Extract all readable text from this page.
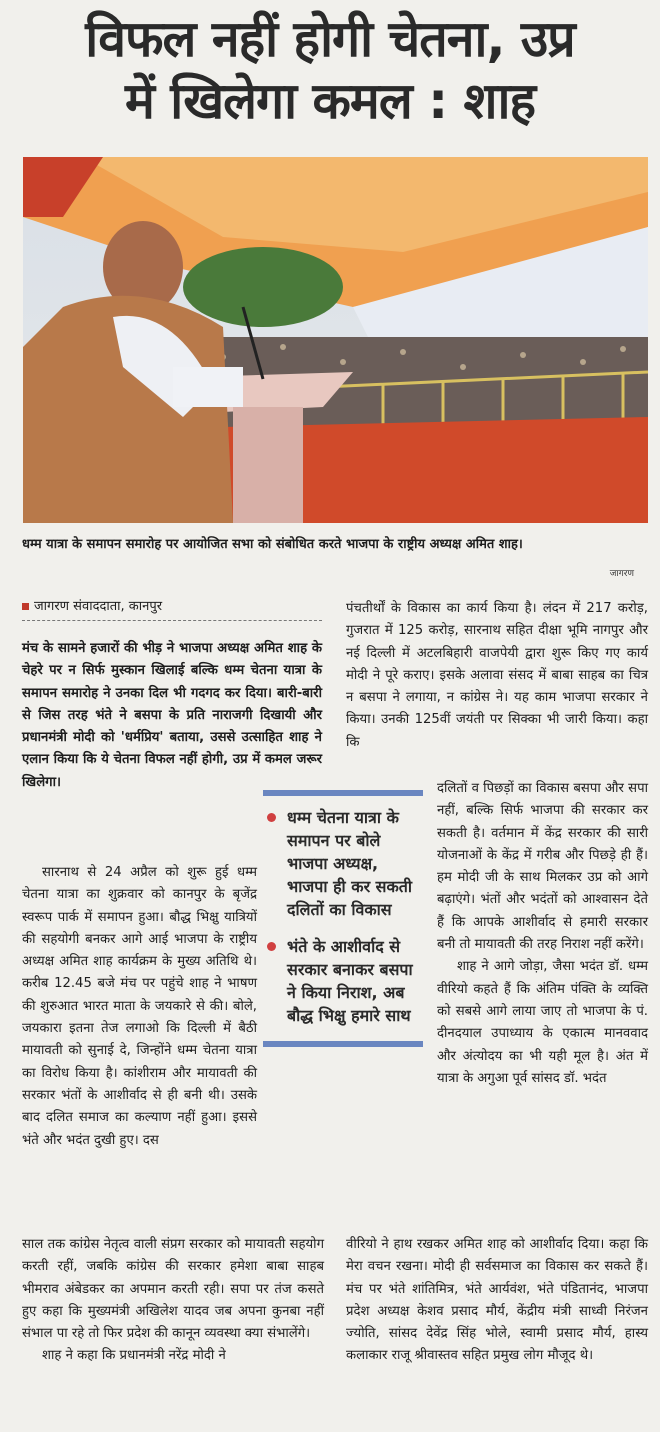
विफल नहीं होगी चेतना, उप्र
में खिलेगा कमल : शाह
धम्म यात्रा के समापन समारोह पर आयोजित सभा को संबोधित करते भाजपा के राष्ट्रीय अध्यक्ष अमित शाह।
जागरण
जागरण संवाददाता, कानपुर

मंच के सामने हजारों की भीड़ ने भाजपा अध्यक्ष अमित शाह के चेहरे पर न सिर्फ मुस्कान खिलाई बल्कि धम्म चेतना यात्रा के समापन समारोह ने उनका दिल भी गदगद कर दिया। बारी-बारी से जिस तरह भंते ने बसपा के प्रति नाराजगी दिखायी और प्रधानमंत्री मोदी को 'धर्मप्रिय' बताया, उससे उत्साहित शाह ने एलान किया कि ये चेतना विफल नहीं होगी, उप्र में कमल जरूर खिलेगा।

सारनाथ से 24 अप्रैल को शुरू हुई धम्म चेतना यात्रा का शुक्रवार को कानपुर के बृजेंद्र स्वरूप पार्क में समापन हुआ। बौद्ध भिक्षु यात्रियों की सहयोगी बनकर आगे आई भाजपा के राष्ट्रीय अध्यक्ष अमित शाह कार्यक्रम के मुख्य अतिथि थे। करीब 12.45 बजे मंच पर पहुंचे शाह ने भाषण की शुरुआत भारत माता के जयकारे से की। बोले, जयकारा इतना तेज लगाओ कि दिल्ली में बैठी मायावती को सुनाई दे, जिन्होंने धम्म चेतना यात्रा का विरोध किया है। कांशीराम और मायावती की सरकार भंतों के आशीर्वाद से ही बनी थी। उसके बाद दलित समाज का कल्याण नहीं हुआ। इससे भंते और भदंत दुखी हुए। दस

साल तक कांग्रेस नेतृत्व वाली संप्रग सरकार को मायावती सहयोग करती रहीं, जबकि कांग्रेस की सरकार हमेशा बाबा साहब भीमराव अंबेडकर का अपमान करती रही। सपा पर तंज कसते हुए कहा कि मुख्यमंत्री अखिलेश यादव जब अपना कुनबा नहीं संभाल पा रहे तो फिर प्रदेश की कानून व्यवस्था क्या संभालेंगे।

शाह ने कहा कि प्रधानमंत्री नरेंद्र मोदी ने

पंचतीर्थों के विकास का कार्य किया है। लंदन में 217 करोड़, गुजरात में 125 करोड़, सारनाथ सहित दीक्षा भूमि नागपुर और नई दिल्ली में अटलबिहारी वाजपेयी द्वारा शुरू किए गए कार्य मोदी ने पूरे कराए। इसके अलावा संसद में बाबा साहब का चित्र न बसपा ने लगाया, न कांग्रेस ने। यह काम भाजपा सरकार ने किया। उनकी 125वीं जयंती पर सिक्का भी जारी किया। कहा कि

दलितों व पिछड़ों का विकास बसपा और सपा नहीं, बल्कि सिर्फ भाजपा की सरकार कर सकती है। वर्तमान में केंद्र सरकार की सारी योजनाओं के केंद्र में गरीब और पिछड़े ही हैं। हम मोदी जी के साथ मिलकर उप्र को आगे बढ़ाएंगे। भंतों और भदंतों को आश्वासन देते हैं कि आपके आशीर्वाद से हमारी सरकार बनी तो मायावती की तरह निराश नहीं करेंगे।

शाह ने आगे जोड़ा, जैसा भदंत डॉ. धम्म वीरियो कहते हैं कि अंतिम पंक्ति के व्यक्ति को सबसे आगे लाया जाए तो भाजपा के पं. दीनदयाल उपाध्याय के एकात्म मानववाद और अंत्योदय का भी यही मूल है। अंत में यात्रा के अगुआ पूर्व सांसद डॉ. भदंत

वीरियो ने हाथ रखकर अमित शाह को आशीर्वाद दिया। कहा कि मेरा वचन रखना। मोदी ही सर्वसमाज का विकास कर सकते हैं। मंच पर भंते शांतिमित्र, भंते आर्यवंश, भंते पंडितानंद, भाजपा प्रदेश अध्यक्ष केशव प्रसाद मौर्य, केंद्रीय मंत्री साध्वी निरंजन ज्योति, सांसद देवेंद्र सिंह भोले, स्वामी प्रसाद मौर्य, हास्य कलाकार राजू श्रीवास्तव सहित प्रमुख लोग मौजूद थे।

धम्म चेतना यात्रा के समापन पर बोले भाजपा अध्यक्ष, भाजपा ही कर सकती दलितों का विकास
भंते के आशीर्वाद से सरकार बनाकर बसपा ने किया निराश, अब बौद्ध भिक्षु हमारे साथ
